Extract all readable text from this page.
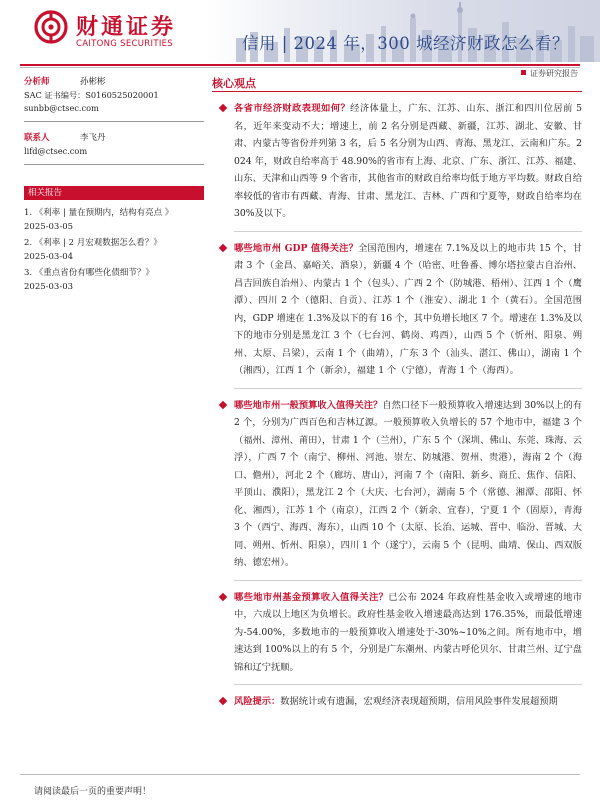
财通证券
CAITONG SECURITIES	信用 | 2024 年，300 城经济财政怎么看？
证券研究报告
分析师	孙彬彬
SAC 证书编号：S0160525020001
sunbb@ctsec.com
联系人	李飞丹
lifd@ctsec.com
相关报告
1. 《利率 | 量在预期内，结构有亮点 》
2025-03-05
2. 《利率 | 2 月宏观数据怎么看？》
2025-03-04
3. 《重点省份有哪些化债细节？》
2025-03-03
核心观点

各省市经济财政表现如何？经济体量上，广东、江苏、山东、浙江和四川位居前 5 名，近年来变动不大；增速上，前 2 名分别是西藏、新疆，江苏、湖北、安徽、甘肃、内蒙古等省份并列第 3 名，后 5 名分别为山西、青海、黑龙江、云南和广东。2024 年，财政自给率高于 48.90%的省市有上海、北京、广东、浙江、江苏、福建、山东、天津和山西等 9 个省市，其他省市的财政自给率均低于地方平均数。财政自给率较低的省市有西藏、青海、甘肃、黑龙江、吉林、广西和宁夏等，财政自给率均在 30%及以下。

哪些地市州 GDP 值得关注？全国范围内，增速在 7.1%及以上的地市共 15 个，甘肃 3 个（金昌、嘉峪关、酒泉），新疆 4 个（哈密、吐鲁番、博尔塔拉蒙古自治州、昌吉回族自治州）、内蒙古 1 个（包头）、广西 2 个（防城港、梧州）、江西 1 个（鹰潭）、四川 2 个（德阳、自贡）、江苏 1 个（淮安）、湖北 1 个（黄石）。全国范围内，GDP 增速在 1.3%及以下的有 16 个，其中负增长地区 7 个。增速在 1.3%及以下的地市分别是黑龙江 3 个（七台河、鹤岗、鸡西），山西 5 个（忻州、阳泉、朔州、太原、吕梁），云南 1 个（曲靖），广东 3 个（汕头、湛江、佛山），湖南 1 个（湘西），江西 1 个（新余），福建 1 个（宁德），青海 1 个（海西）。

哪些地市州一般预算收入值得关注？自然口径下一般预算收入增速达到 30%以上的有 2 个，分别为广西百色和吉林辽源。一般预算收入负增长的 57 个地市中，福建 3 个（福州、漳州、莆田），甘肃 1 个（兰州），广东 5 个（深圳、佛山、东莞、珠海、云浮），广西 7 个（南宁、柳州、河池、崇左、防城港、贺州、贵港），海南 2 个（海口、儋州），河北 2 个（廊坊、唐山），河南 7 个（南阳、新乡、商丘、焦作、信阳、平顶山、濮阳），黑龙江 2 个（大庆、七台河），湖南 5 个（常德、湘潭、邵阳、怀化、湘西），江苏 1 个（南京），江西 2 个（新余、宜春），宁夏 1 个（固原），青海 3 个（西宁、海西、海东），山西 10 个（太原、长治、运城、晋中、临汾、晋城、大同、朔州、忻州、阳泉），四川 1 个（遂宁），云南 5 个（昆明、曲靖、保山、西双版纳、德宏州）。

哪些地市州基金预算收入值得关注？已公布 2024 年政府性基金收入或增速的地市中，六成以上地区为负增长。政府性基金收入增速最高达到 176.35%，而最低增速为-54.00%，多数地市的一般预算收入增速处于-30%~10%之间。所有地市中，增速达到 100%以上的有 5 个，分别是广东潮州、内蒙古呼伦贝尔、甘肃兰州、辽宁盘锦和辽宁抚顺。

风险提示：数据统计或有遗漏，宏观经济表现超预期，信用风险事件发展超预期

请阅读最后一页的重要声明！
